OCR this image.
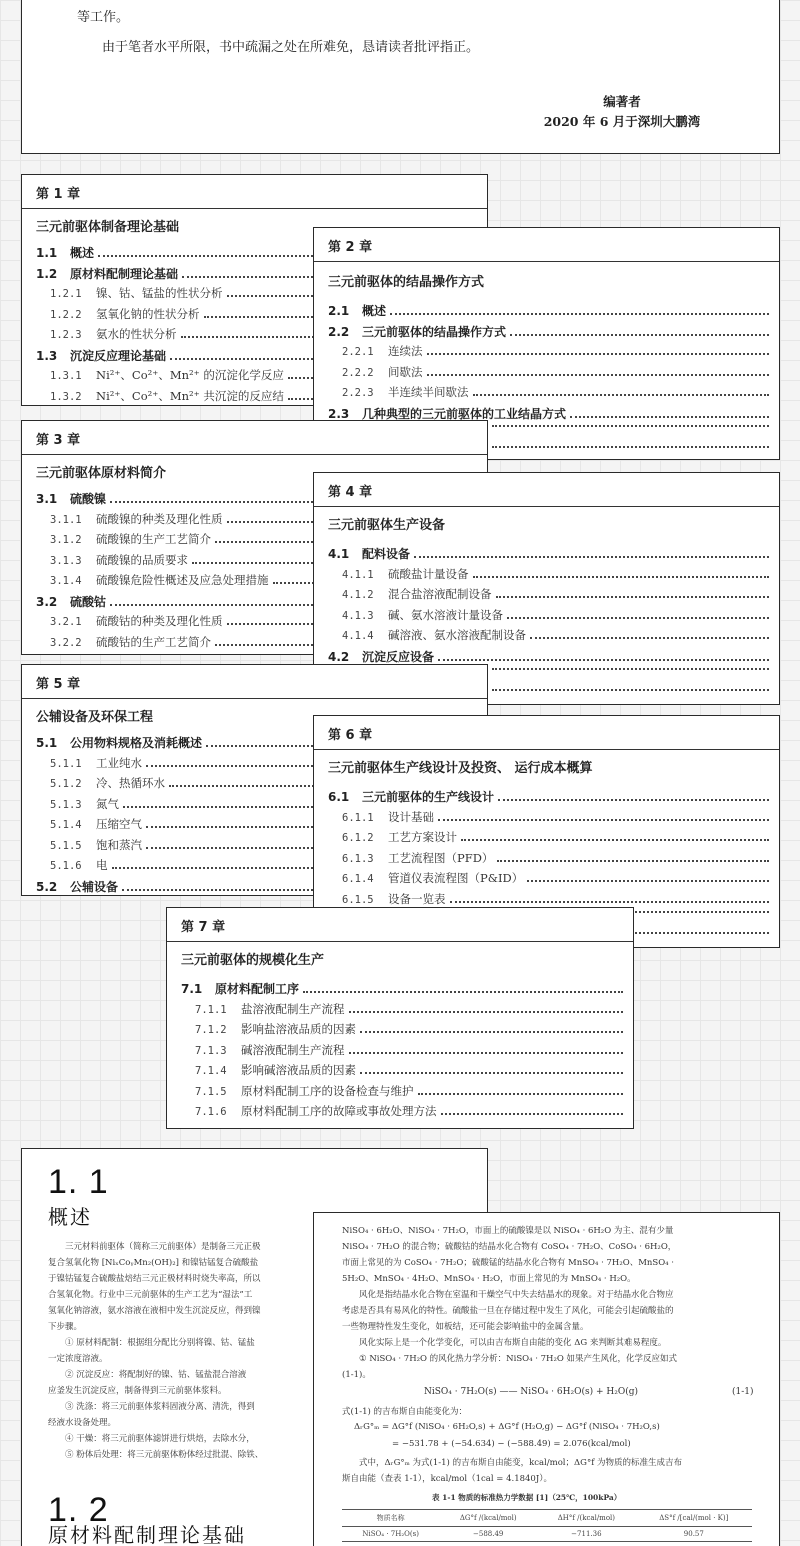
等工作。

由于笔者水平所限，书中疏漏之处在所难免，恳请读者批评指正。

编著者
2020 年 6 月于深圳大鹏湾
第 1 章
三元前驱体制备理论基础
1.1	概述
1.2	原材料配制理论基础
1.2.1	镍、钴、锰盐的性状分析
1.2.2	氢氧化钠的性状分析
1.2.3	氨水的性状分析
1.3	沉淀反应理论基础
1.3.1	Ni²⁺、Co²⁺、Mn²⁺ 的沉淀化学反应
1.3.2	Ni²⁺、Co²⁺、Mn²⁺ 共沉淀的反应结
第 2 章
三元前驱体的结晶操作方式
2.1	概述
2.2	三元前驱体的结晶操作方式
2.2.1	连续法
2.2.2	间歇法
2.2.3	半连续半间歇法
2.3	几种典型的三元前驱体的工业结晶方式
第 3 章
三元前驱体原材料简介
3.1	硫酸镍
3.1.1	硫酸镍的种类及理化性质
3.1.2	硫酸镍的生产工艺简介
3.1.3	硫酸镍的品质要求
3.1.4	硫酸镍危险性概述及应急处理措施
3.2	硫酸钴
3.2.1	硫酸钴的种类及理化性质
3.2.2	硫酸钴的生产工艺简介
第 4 章
三元前驱体生产设备
4.1	配料设备
4.1.1	硫酸盐计量设备
4.1.2	混合盐溶液配制设备
4.1.3	碱、氨水溶液计量设备
4.1.4	碱溶液、氨水溶液配制设备
4.2	沉淀反应设备
第 5 章
公辅设备及环保工程
5.1	公用物料规格及消耗概述
5.1.1	工业纯水
5.1.2	冷、热循环水
5.1.3	氮气
5.1.4	压缩空气
5.1.5	饱和蒸汽
5.1.6	电
5.2	公辅设备
第 6 章
三元前驱体生产线设计及投资、 运行成本概算
6.1	三元前驱体的生产线设计
6.1.1	设计基础
6.1.2	工艺方案设计
6.1.3	工艺流程图（PFD）
6.1.4	管道仪表流程图（P&ID）
6.1.5	设备一览表
第 7 章
三元前驱体的规模化生产
7.1	原材料配制工序
7.1.1	盐溶液配制生产流程
7.1.2	影响盐溶液品质的因素
7.1.3	碱溶液配制生产流程
7.1.4	影响碱溶液品质的因素
7.1.5	原材料配制工序的设备检查与维护
7.1.6	原材料配制工序的故障或事故处理方法
1. 1
概述
三元材料前驱体（简称三元前驱体）是制备三元正极
复合氢氧化物 [NiₓCoᵧMn₂(OH)₂] 和镍钴锰复合硫酸盐
于镍钴锰复合硫酸盐焙结三元正极材料时烧失率高，所以
合氢氧化物。行业中三元前驱体的生产工艺为“湿法”工
氢氧化钠溶液，氨水溶液在液相中发生沉淀反应，得到镍
下步骤。
① 原材料配制：根据组分配比分别将镍、钴、锰盐
一定浓度溶液。
② 沉淀反应：将配制好的镍、钴、锰盐混合溶液
应釜发生沉淀反应，制备得到三元前驱体浆料。
③ 洗涤：将三元前驱体浆料固液分离、清洗，得到
经液水设备处理。
④ 干燥：将三元前驱体滤饼进行烘焙，去除水分，
⑤ 粉体后处理：将三元前驱体粉体经过批混、除铁、
1. 2
原材料配制理论基础
NiSO₄ · 6H₂O、NiSO₄ · 7H₂O，市面上的硫酸镍是以 NiSO₄ · 6H₂O 为主、混有少量
NiSO₄ · 7H₂O 的混合物；硫酸钴的结晶水化合物有 CoSO₄ · 7H₂O、CoSO₄ · 6H₂O，
市面上常见的为 CoSO₄ · 7H₂O；硫酸锰的结晶水化合物有 MnSO₄ · 7H₂O、MnSO₄ ·
5H₂O、MnSO₄ · 4H₂O、MnSO₄ · H₂O，市面上常见的为 MnSO₄ · H₂O。
风化是指结晶水化合物在室温和干燥空气中失去结晶水的现象。对于结晶水化合物应
考虑是否具有易风化的特性。硫酸盐一旦在存储过程中发生了风化，可能会引起硫酸盐的
一些物理特性发生变化，如板结，还可能会影响盐中的金属含量。
风化实际上是一个化学变化，可以由吉布斯自由能的变化 ΔG 来判断其难易程度。
① NiSO₄ · 7H₂O 的风化热力学分析：NiSO₄ · 7H₂O 如果产生风化，化学反应如式
(1-1)。
NiSO₄ · 7H₂O(s) —— NiSO₄ · 6H₂O(s) + H₂O(g)	(1-1)
式(1-1) 的吉布斯自由能变化为：
ΔᵣG°ₘ = ΔG°f (NiSO₄ · 6H₂O,s) + ΔG°f (H₂O,g) − ΔG°f (NiSO₄ · 7H₂O,s)
= −531.78 + (−54.634) − (−588.49) = 2.076(kcal/mol)
式中，ΔᵣG°ₘ 为式(1-1) 的吉布斯自由能变，kcal/mol；ΔG°f 为物质的标准生成吉布
斯自由能（查表 1-1），kcal/mol（1cal = 4.1840J）。
表 1-1 物质的标准热力学数据 [1]（25℃，100kPa）
物质名称	ΔG°f /(kcal/mol)	ΔH°f /(kcal/mol)	ΔS°f /[cal/(mol · K)]
NiSO₄ · 7H₂O(s)	−588.49	−711.36	90.57
